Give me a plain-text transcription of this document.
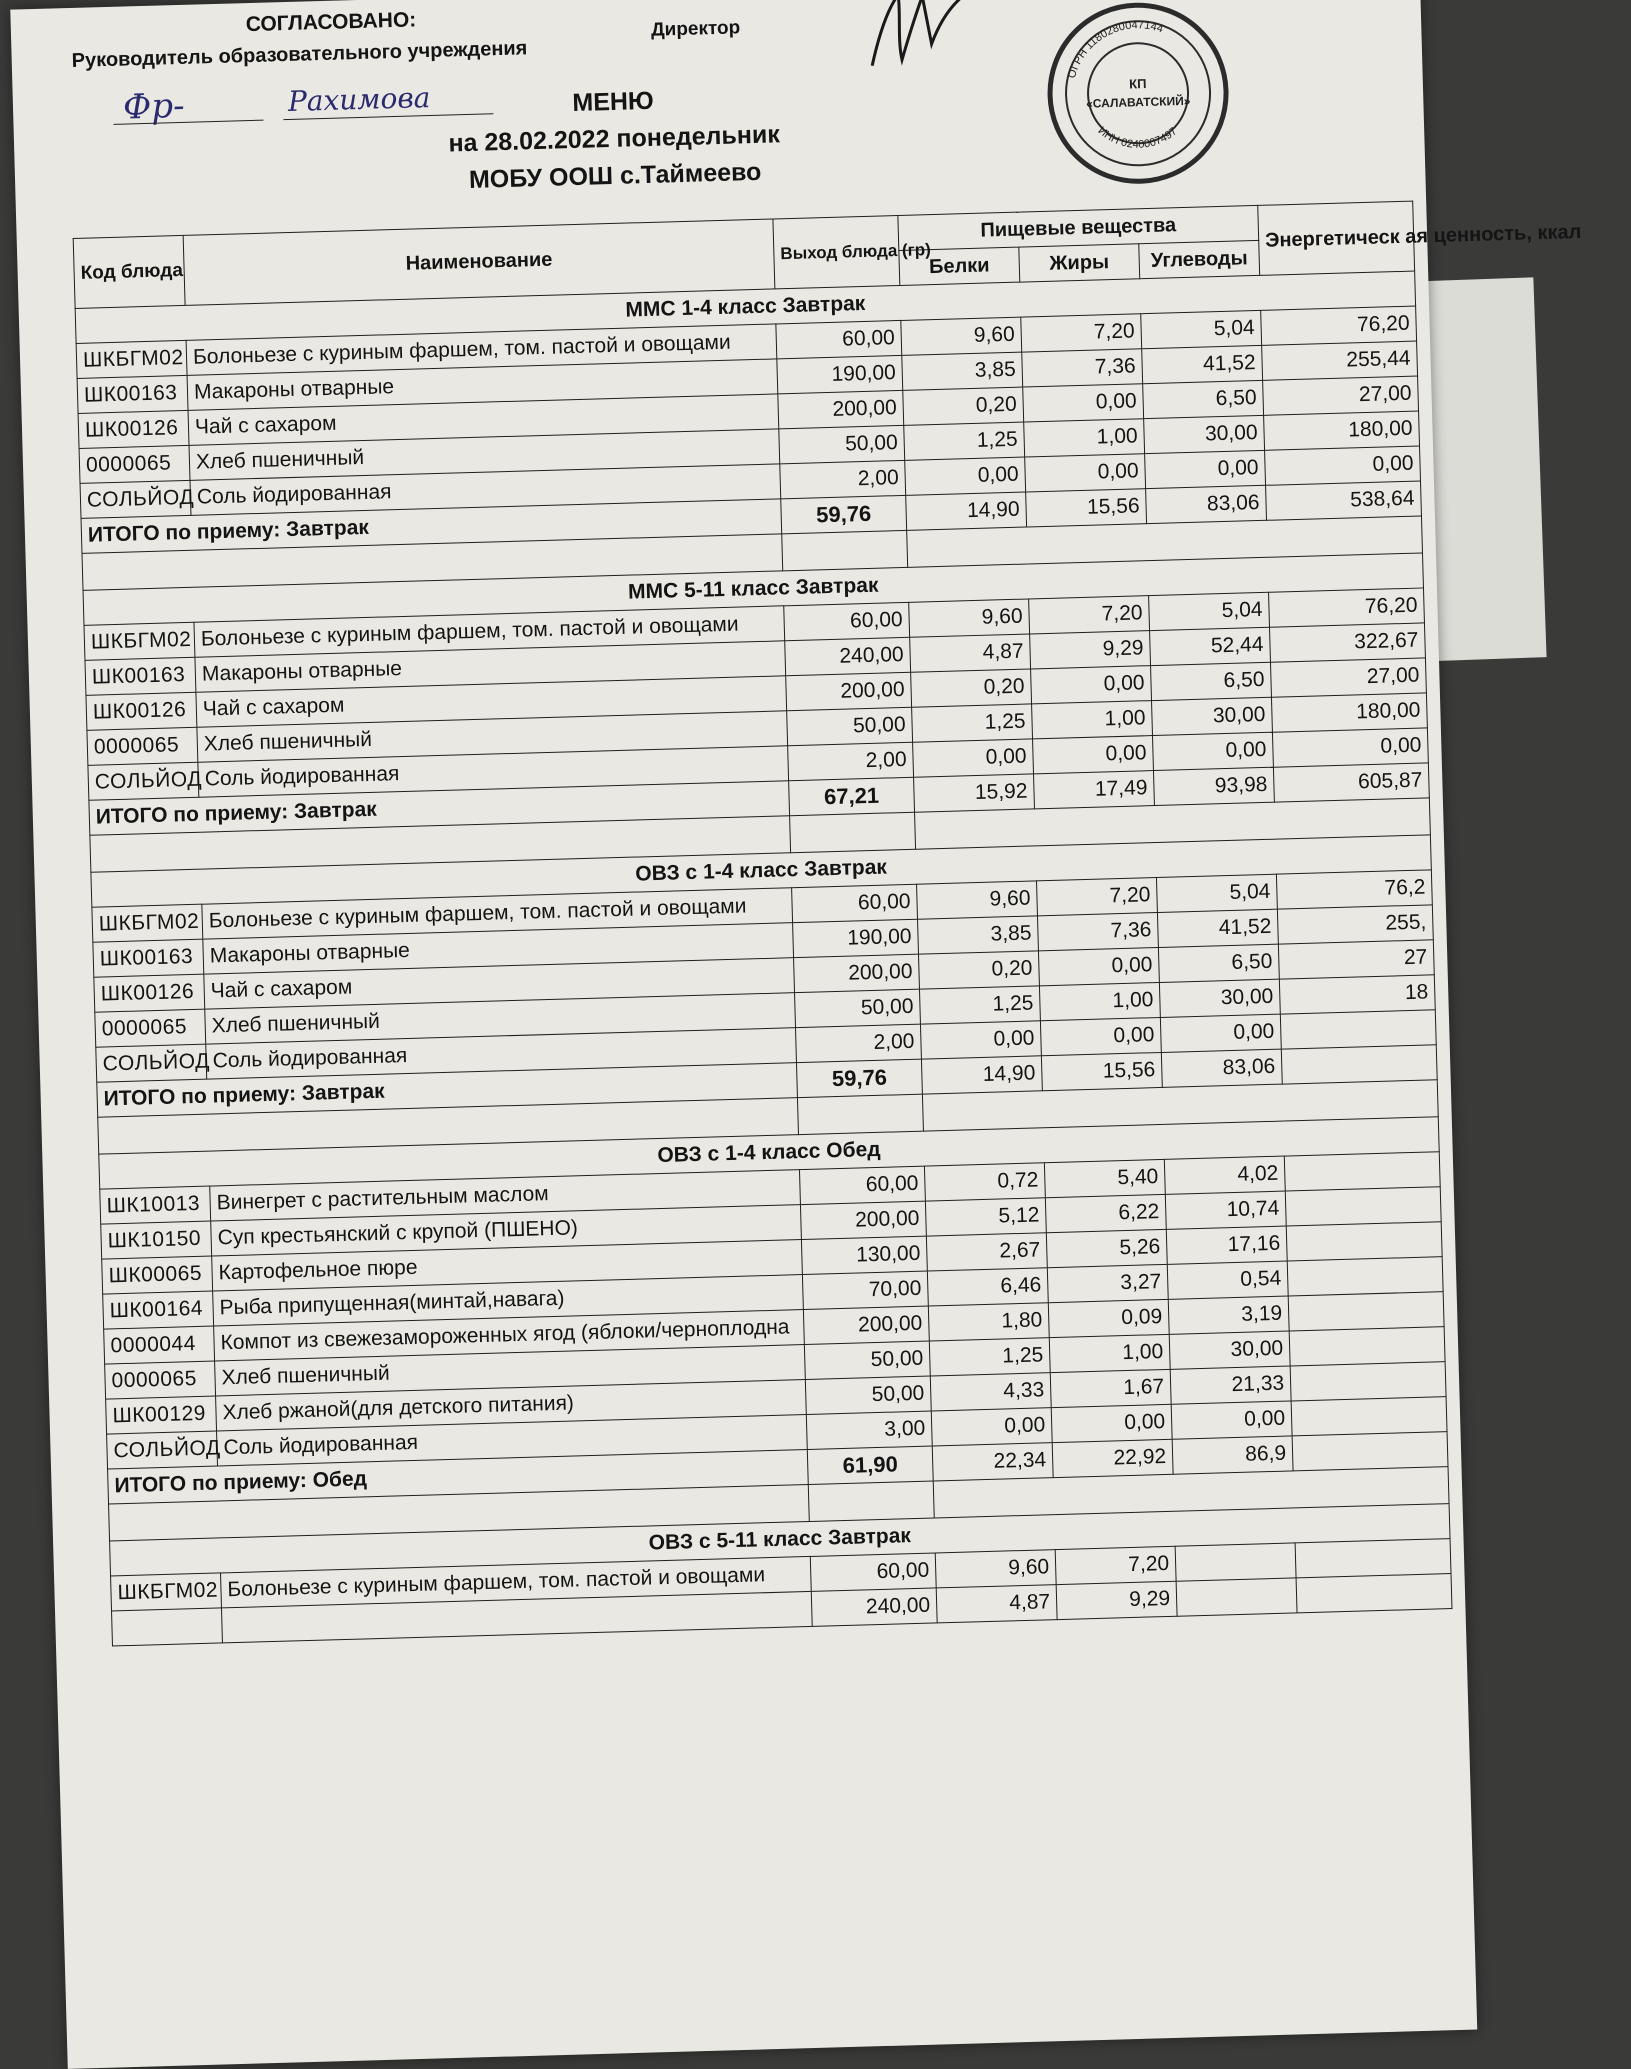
СОГЛАСОВАНО:
Руководитель образовательного учреждения
Фр-	Рахимова
Директор
ОГРН 1180280047144
ИНН 0240007497
КП
«САЛАВАТСКИЙ»
МЕНЮ
на 28.02.2022 понедельник
МОБУ ООШ с.Таймеево
Код блюда	Наименование	Выход блюда (гр)	Пищевые вещества			Энергетическ ая ценность, ккал
			Белки	Жиры	Углеводы	
ММС 1-4 класс Завтрак						
ШКБГМ02	Болоньезе с куриным фаршем, том. пастой и овощами	60,00	9,60	7,20	5,04	76,20
ШК00163	Макароны отварные	190,00	3,85	7,36	41,52	255,44
ШК00126	Чай с сахаром	200,00	0,20	0,00	6,50	27,00
0000065	Хлеб пшеничный	50,00	1,25	1,00	30,00	180,00
СОЛЬЙОД	Соль йодированная	2,00	0,00	0,00	0,00	0,00
ИТОГО по приему: Завтрак		59,76	14,90	15,56	83,06	538,64

ММС 5-11 класс Завтрак						
ШКБГМ02	Болоньезе с куриным фаршем, том. пастой и овощами	60,00	9,60	7,20	5,04	76,20
ШК00163	Макароны отварные	240,00	4,87	9,29	52,44	322,67
ШК00126	Чай с сахаром	200,00	0,20	0,00	6,50	27,00
0000065	Хлеб пшеничный	50,00	1,25	1,00	30,00	180,00
СОЛЬЙОД	Соль йодированная	2,00	0,00	0,00	0,00	0,00
ИТОГО по приему: Завтрак		67,21	15,92	17,49	93,98	605,87

ОВЗ с 1-4 класс Завтрак						
ШКБГМ02	Болоньезе с куриным фаршем, том. пастой и овощами	60,00	9,60	7,20	5,04	76,2
ШК00163	Макароны отварные	190,00	3,85	7,36	41,52	255,
ШК00126	Чай с сахаром	200,00	0,20	0,00	6,50	27
0000065	Хлеб пшеничный	50,00	1,25	1,00	30,00	18
СОЛЬЙОД	Соль йодированная	2,00	0,00	0,00	0,00	
ИТОГО по приему: Завтрак		59,76	14,90	15,56	83,06	

ОВЗ с 1-4 класс Обед						
ШК10013	Винегрет с растительным маслом	60,00	0,72	5,40	4,02	
ШК10150	Суп крестьянский с крупой (ПШЕНО)	200,00	5,12	6,22	10,74	
ШК00065	Картофельное пюре	130,00	2,67	5,26	17,16	
ШК00164	Рыба припущенная(минтай,навага)	70,00	6,46	3,27	0,54	
0000044	Компот из свежезамороженных ягод (яблоки/черноплодна	200,00	1,80	0,09	3,19	
0000065	Хлеб пшеничный	50,00	1,25	1,00	30,00	
ШК00129	Хлеб ржаной(для детского питания)	50,00	4,33	1,67	21,33	
СОЛЬЙОД	Соль йодированная	3,00	0,00	0,00	0,00	
ИТОГО по приему: Обед		61,90	22,34	22,92	86,9	

ОВЗ с 5-11 класс Завтрак						
ШКБГМ02	Болоньезе с куриным фаршем, том. пастой и овощами	60,00	9,60	7,20		
		240,00	4,87	9,29		
